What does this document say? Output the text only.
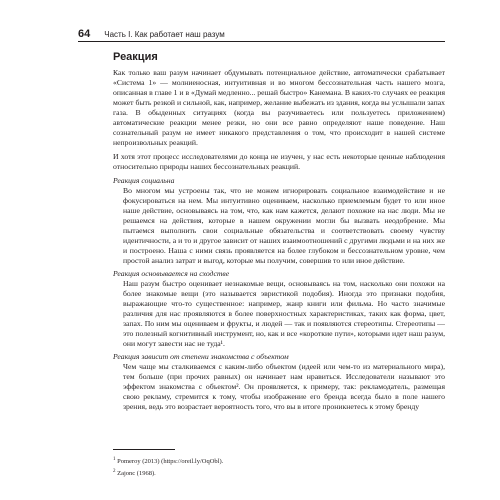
64 Часть I. Как работает наш разум
Реакция

Как только ваш разум начинает обдумывать потенциальное действие, автоматически срабатывает «Система 1» — молниеносная, интуитивная и во многом бессознательная часть нашего мозга, описанная в главе 1 и в «Думай медленно... решай быстро» Канемана. В каких-то случаях ее реакция может быть резкой и сильной, как, например, желание выбежать из здания, когда вы услышали запах газа. В обыденных ситуациях (когда вы разучиваетесь или пользуетесь приложением) автоматические реакции менее резки, но они все равно определяют наше поведение. Наш сознательный разум не имеет никакого представления о том, что происходит в нашей системе непроизвольных реакций.

И хотя этот процесс исследователями до конца не изучен, у нас есть некоторые ценные наблюдения относительно природы наших бессознательных реакций.

Реакция социальна

Во многом мы устроены так, что не можем игнорировать социальное взаимодействие и не фокусироваться на нем. Мы интуитивно оцениваем, насколько приемлемым будет то или иное наше действие, основываясь на том, что, как нам кажется, делают похожие на нас люди. Мы не решаемся на действия, которые в нашем окружении могли бы вызвать неодобрение. Мы пытаемся выполнить свои социальные обязательства и соответствовать своему чувству идентичности, а и то и другое зависит от наших взаимоотношений с другими людьми и на них же и построено. Наша с ними связь проявляется на более глубоком и бессознательном уровне, чем простой анализ затрат и выгод, которые мы получим, совершив то или иное действие.

Реакция основывается на сходстве

Наш разум быстро оценивает незнакомые вещи, основываясь на том, насколько они похожи на более знакомые вещи (это называется эвристикой подобия). Иногда это признаки подобия, выражающие что-то существенное: например, жанр книги или фильма. Но часто значимые различия для нас проявляются в более поверхностных характеристиках, таких как форма, цвет, запах. По ним мы оцениваем и фрукты, и людей — так и появляются стереотипы. Стереотипы — это полезный когнитивный инструмент, но, как и все «короткие пути», которыми идет наш разум, они могут завести нас не туда¹.

Реакция зависит от степени знакомства с объектом

Чем чаще мы сталкиваемся с каким-либо объектом (идеей или чем-то из материального мира), тем больше (при прочих равных) он начинает нам нравиться. Исследователи называют это эффектом знакомства с объектом². Он проявляется, к примеру, так: рекламодатель, размещая свою рекламу, стремится к тому, чтобы изображение его бренда всегда было в поле нашего зрения, ведь это возрастает вероятность того, что вы в итоге проникнетесь к этому бренду

$^1$ Pomeroy (2013) (https://oreil.ly/OqObl).

$^2$ Zajonc (1968).
